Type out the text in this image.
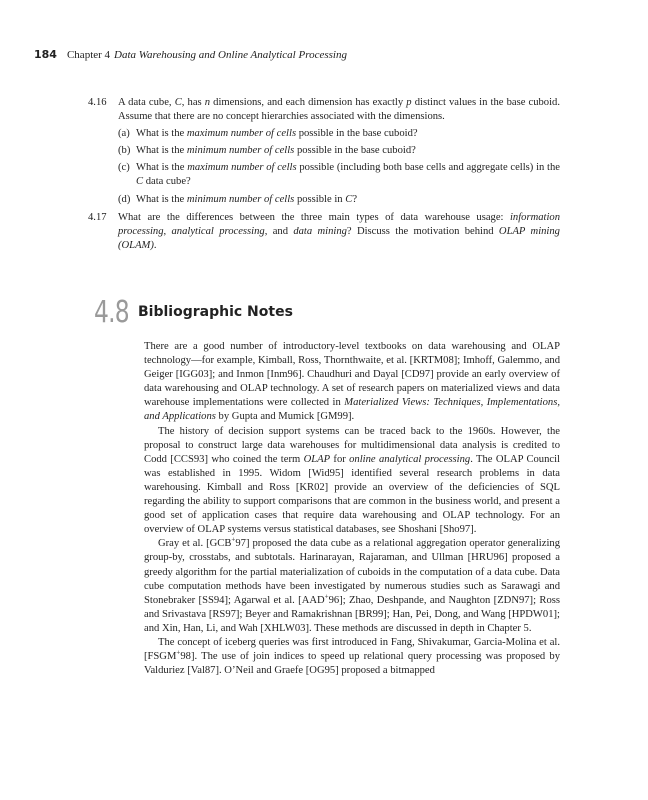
184 Chapter 4 Data Warehousing and Online Analytical Processing
4.16 A data cube, C, has n dimensions, and each dimension has exactly p distinct values in the base cuboid. Assume that there are no concept hierarchies associated with the dimensions.

(a) What is the maximum number of cells possible in the base cuboid?
(b) What is the minimum number of cells possible in the base cuboid?
(c) What is the maximum number of cells possible (including both base cells and aggregate cells) in the C data cube?
(d) What is the minimum number of cells possible in C?
4.17 What are the differences between the three main types of data warehouse usage: information processing, analytical processing, and data mining? Discuss the motivation behind OLAP mining (OLAM).

4.8 Bibliographic Notes

There are a good number of introductory-level textbooks on data warehousing and OLAP technology—for example, Kimball, Ross, Thornthwaite, et al. [KRTM08]; Imhoff, Galemmo, and Geiger [IGG03]; and Inmon [Inm96]. Chaudhuri and Dayal [CD97] provide an early overview of data warehousing and OLAP technology. A set of research papers on materialized views and data warehouse implementations were collected in Materialized Views: Techniques, Implementations, and Applications by Gupta and Mumick [GM99].

The history of decision support systems can be traced back to the 1960s. However, the proposal to construct large data warehouses for multidimensional data analysis is credited to Codd [CCS93] who coined the term OLAP for online analytical processing. The OLAP Council was established in 1995. Widom [Wid95] identified several research problems in data warehousing. Kimball and Ross [KR02] provide an overview of the deficiencies of SQL regarding the ability to support comparisons that are common in the business world, and present a good set of application cases that require data warehousing and OLAP technology. For an overview of OLAP systems versus statistical databases, see Shoshani [Sho97].

Gray et al. [GCB+97] proposed the data cube as a relational aggregation operator generalizing group-by, crosstabs, and subtotals. Harinarayan, Rajaraman, and Ullman [HRU96] proposed a greedy algorithm for the partial materialization of cuboids in the computation of a data cube. Data cube computation methods have been investigated by numerous studies such as Sarawagi and Stonebraker [SS94]; Agarwal et al. [AAD+96]; Zhao, Deshpande, and Naughton [ZDN97]; Ross and Srivastava [RS97]; Beyer and Ramakrishnan [BR99]; Han, Pei, Dong, and Wang [HPDW01]; and Xin, Han, Li, and Wah [XHLW03]. These methods are discussed in depth in Chapter 5.

The concept of iceberg queries was first introduced in Fang, Shivakumar, Garcia-Molina et al. [FSGM+98]. The use of join indices to speed up relational query processing was proposed by Valduriez [Val87]. O’Neil and Graefe [OG95] proposed a bitmapped
